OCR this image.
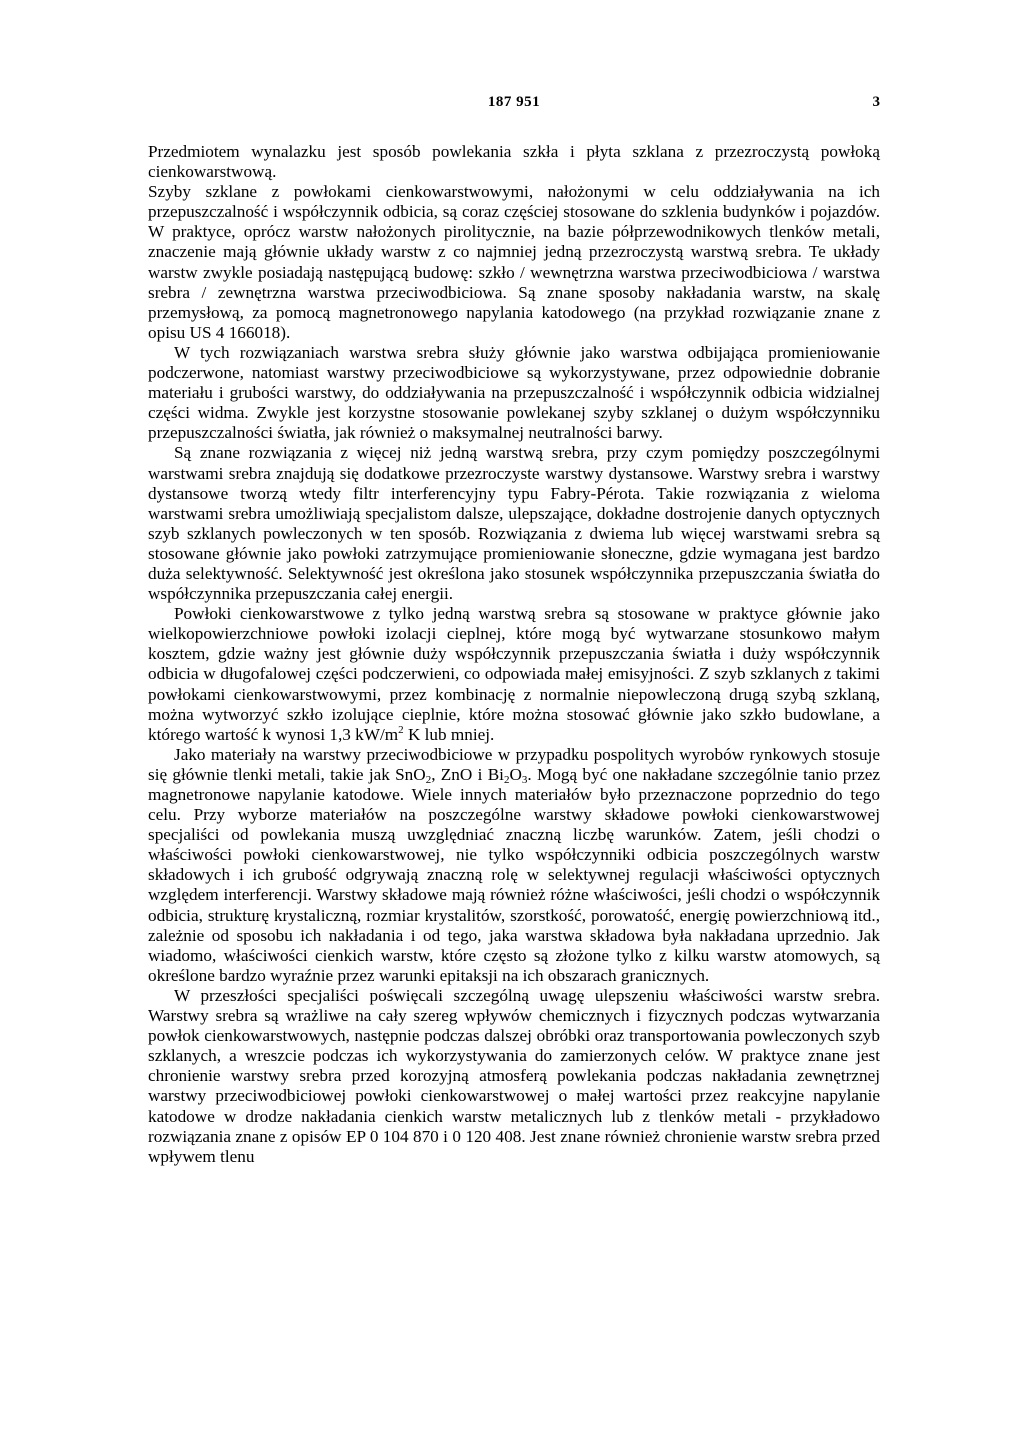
187 951	3

Przedmiotem wynalazku jest sposób powlekania szkła i płyta szklana z przezroczystą powłoką cienkowarstwową.

Szyby szklane z powłokami cienkowarstwowymi, nałożonymi w celu oddziaływania na ich przepuszczalność i współczynnik odbicia, są coraz częściej stosowane do szklenia budynków i pojazdów. W praktyce, oprócz warstw nałożonych pirolitycznie, na bazie półprzewodnikowych tlenków metali, znaczenie mają głównie układy warstw z co najmniej jedną przezroczystą warstwą srebra. Te układy warstw zwykle posiadają następującą budowę: szkło / wewnętrzna warstwa przeciwodbiciowa / warstwa srebra / zewnętrzna warstwa przeciwodbiciowa. Są znane sposoby nakładania warstw, na skalę przemysłową, za pomocą magnetronowego napylania katodowego (na przykład rozwiązanie znane z opisu US 4 166018).

W tych rozwiązaniach warstwa srebra służy głównie jako warstwa odbijająca promieniowanie podczerwone, natomiast warstwy przeciwodbiciowe są wykorzystywane, przez odpowiednie dobranie materiału i grubości warstwy, do oddziaływania na przepuszczalność i współczynnik odbicia widzialnej części widma. Zwykle jest korzystne stosowanie powlekanej szyby szklanej o dużym współczynniku przepuszczalności światła, jak również o maksymalnej neutralności barwy.

Są znane rozwiązania z więcej niż jedną warstwą srebra, przy czym pomiędzy poszczególnymi warstwami srebra znajdują się dodatkowe przezroczyste warstwy dystansowe. Warstwy srebra i warstwy dystansowe tworzą wtedy filtr interferencyjny typu Fabry-Pérota. Takie rozwiązania z wieloma warstwami srebra umożliwiają specjalistom dalsze, ulepszające, dokładne dostrojenie danych optycznych szyb szklanych powleczonych w ten sposób. Rozwiązania z dwiema lub więcej warstwami srebra są stosowane głównie jako powłoki zatrzymujące promieniowanie słoneczne, gdzie wymagana jest bardzo duża selektywność. Selektywność jest określona jako stosunek współczynnika przepuszczania światła do współczynnika przepuszczania całej energii.

Powłoki cienkowarstwowe z tylko jedną warstwą srebra są stosowane w praktyce głównie jako wielkopowierzchniowe powłoki izolacji cieplnej, które mogą być wytwarzane stosunkowo małym kosztem, gdzie ważny jest głównie duży współczynnik przepuszczania światła i duży współczynnik odbicia w długofalowej części podczerwieni, co odpowiada małej emisyjności. Z szyb szklanych z takimi powłokami cienkowarstwowymi, przez kombinację z normalnie niepowleczoną drugą szybą szklaną, można wytworzyć szkło izolujące cieplnie, które można stosować głównie jako szkło budowlane, a którego wartość k wynosi 1,3 $kW/m^2$ K lub mniej.

Jako materiały na warstwy przeciwodbiciowe w przypadku pospolitych wyrobów rynkowych stosuje się głównie tlenki metali, takie jak SnO$_2$, ZnO i $Bi_2O_3$. Mogą być one nakładane szczególnie tanio przez magnetronowe napylanie katodowe. Wiele innych materiałów było przeznaczone poprzednio do tego celu. Przy wyborze materiałów na poszczególne warstwy składowe powłoki cienkowarstwowej specjaliści od powlekania muszą uwzględniać znaczną liczbę warunków. Zatem, jeśli chodzi o właściwości powłoki cienkowarstwowej, nie tylko współczynniki odbicia poszczególnych warstw składowych i ich grubość odgrywają znaczną rolę w selektywnej regulacji właściwości optycznych względem interferencji. Warstwy składowe mają również różne właściwości, jeśli chodzi o współczynnik odbicia, strukturę krystaliczną, rozmiar krystalitów, szorstkość, porowatość, energię powierzchniową itd., zależnie od sposobu ich nakładania i od tego, jaka warstwa składowa była nakładana uprzednio. Jak wiadomo, właściwości cienkich warstw, które często są złożone tylko z kilku warstw atomowych, są określone bardzo wyraźnie przez warunki epitaksji na ich obszarach granicznych.

W przeszłości specjaliści poświęcali szczególną uwagę ulepszeniu właściwości warstw srebra. Warstwy srebra są wrażliwe na cały szereg wpływów chemicznych i fizycznych podczas wytwarzania powłok cienkowarstwowych, następnie podczas dalszej obróbki oraz transportowania powleczonych szyb szklanych, a wreszcie podczas ich wykorzystywania do zamierzonych celów. W praktyce znane jest chronienie warstwy srebra przed korozyjną atmosferą powlekania podczas nakładania zewnętrznej warstwy przeciwodbiciowej powłoki cienkowarstwowej o małej wartości przez reakcyjne napylanie katodowe w drodze nakładania cienkich warstw metalicznych lub z tlenków metali - przykładowo rozwiązania znane z opisów EP 0 104 870 i 0 120 408. Jest znane również chronienie warstw srebra przed wpływem tlenu
